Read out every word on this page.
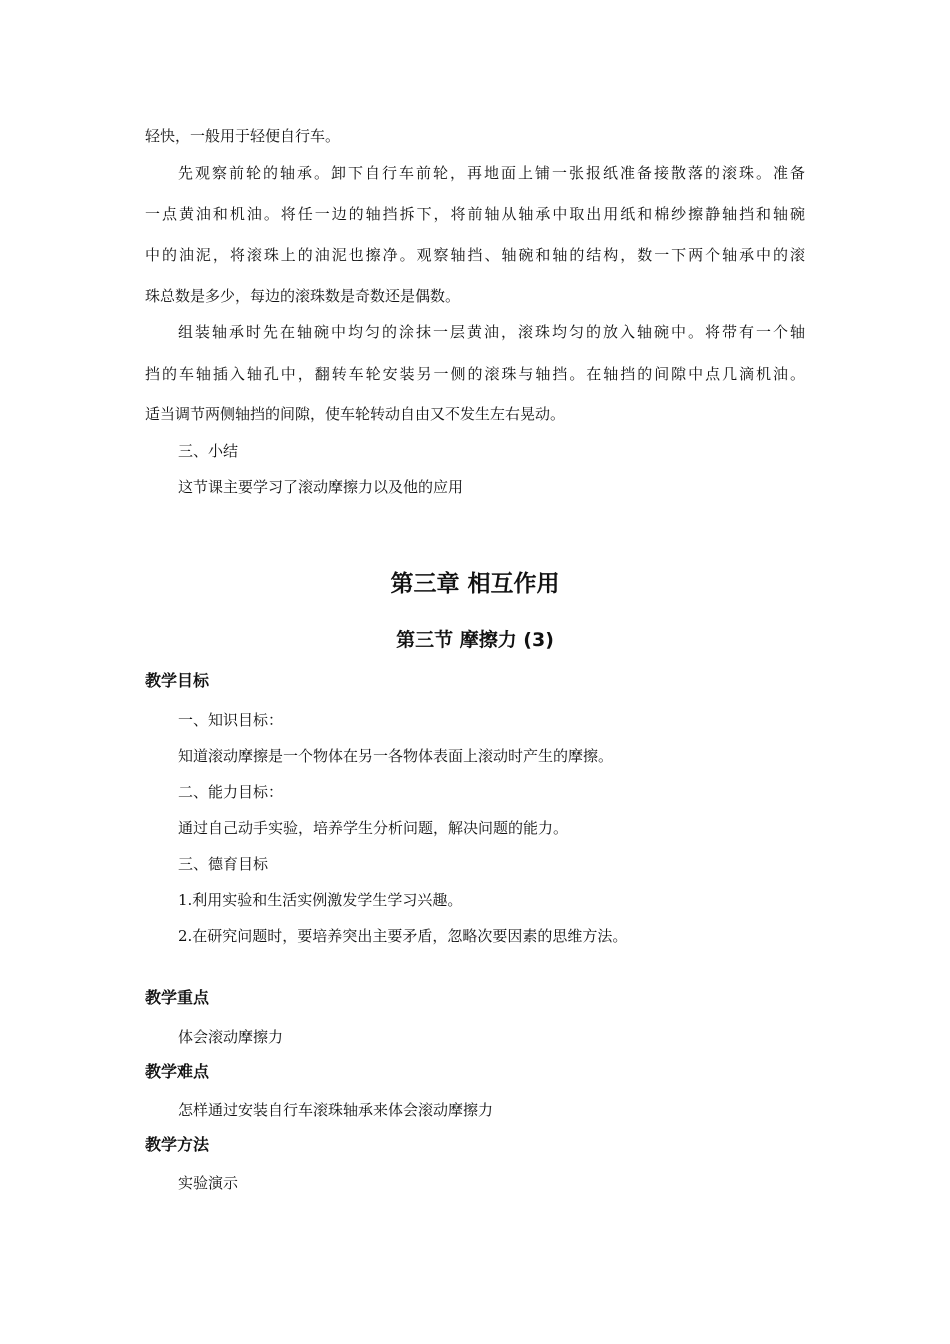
轻快，一般用于轻便自行车。
先观察前轮的轴承。卸下自行车前轮，再地面上铺一张报纸准备接散落的滚珠。准备
一点黄油和机油。将任一边的轴挡拆下，将前轴从轴承中取出用纸和棉纱擦静轴挡和轴碗
中的油泥，将滚珠上的油泥也擦净。观察轴挡、轴碗和轴的结构，数一下两个轴承中的滚
珠总数是多少，每边的滚珠数是奇数还是偶数。
组装轴承时先在轴碗中均匀的涂抹一层黄油，滚珠均匀的放入轴碗中。将带有一个轴
挡的车轴插入轴孔中，翻转车轮安装另一侧的滚珠与轴挡。在轴挡的间隙中点几滴机油。
适当调节两侧轴挡的间隙，使车轮转动自由又不发生左右晃动。
三、小结
这节课主要学习了滚动摩擦力以及他的应用
第三章 相互作用
第三节 摩擦力 (3)
教学目标
一、知识目标：
知道滚动摩擦是一个物体在另一各物体表面上滚动时产生的摩擦。
二、能力目标：
通过自己动手实验，培养学生分析问题，解决问题的能力。
三、德育目标
1.利用实验和生活实例激发学生学习兴趣。
2.在研究问题时，要培养突出主要矛盾，忽略次要因素的思维方法。
教学重点
体会滚动摩擦力
教学难点
怎样通过安装自行车滚珠轴承来体会滚动摩擦力
教学方法
实验演示
